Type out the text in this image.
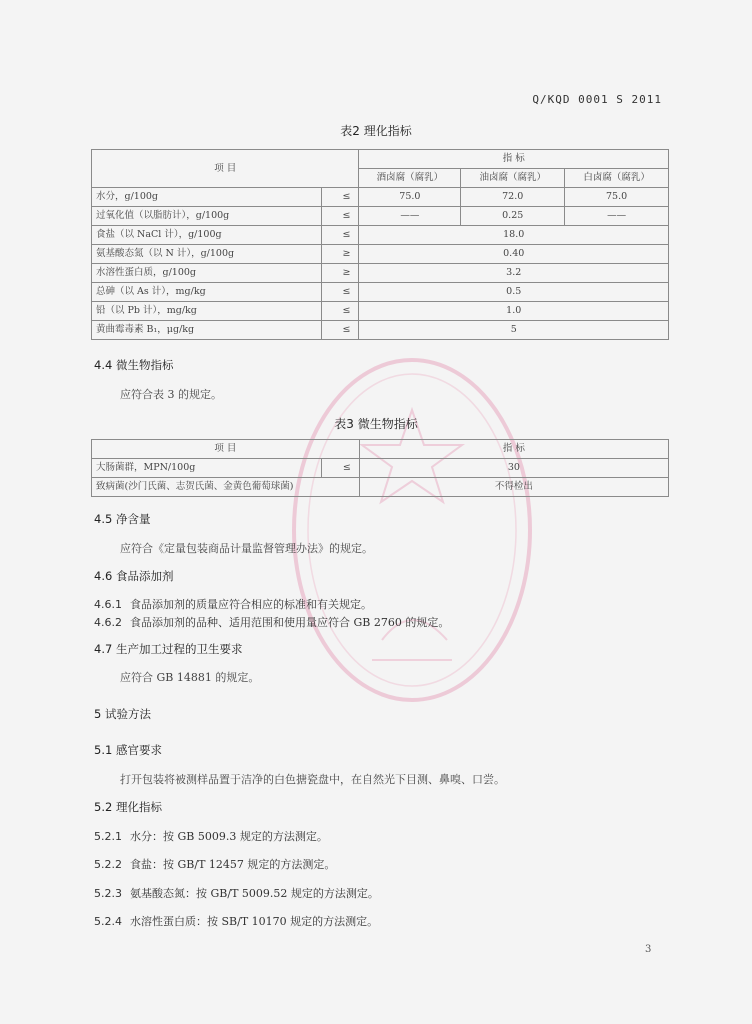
Q/KQD 0001 S 2011
表2 理化指标
项 目		指 标		
		酒卤腐（腐乳）	油卤腐（腐乳）	白卤腐（腐乳）
水分，g/100g	≤	75.0	72.0	75.0
过氧化值（以脂肪计），g/100g	≤	——	0.25	——
食盐（以 NaCl 计），g/100g	≤	18.0		
氨基酸态氮（以 N 计），g/100g	≥	0.40		
水溶性蛋白质，g/100g	≥	3.2		
总砷（以 As 计），mg/kg	≤	0.5		
铅（以 Pb 计），mg/kg	≤	1.0		
黄曲霉毒素 B₁，μg/kg	≤	5		
4.4 微生物指标
应符合表 3 的规定。
表3 微生物指标
项 目		指 标
大肠菌群，MPN/100g	≤	30
致病菌(沙门氏菌、志贺氏菌、金黄色葡萄球菌)		不得检出
4.5 净含量
应符合《定量包装商品计量监督管理办法》的规定。
4.6 食品添加剂
4.6.1 食品添加剂的质量应符合相应的标准和有关规定。
4.6.2 食品添加剂的品种、适用范围和使用量应符合 GB 2760 的规定。
4.7 生产加工过程的卫生要求
应符合 GB 14881 的规定。
5 试验方法
5.1 感官要求
打开包装将被测样品置于洁净的白色搪瓷盘中，在自然光下目测、鼻嗅、口尝。
5.2 理化指标
5.2.1 水分：按 GB 5009.3 规定的方法测定。
5.2.2 食盐：按 GB/T 12457 规定的方法测定。
5.2.3 氨基酸态氮：按 GB/T 5009.52 规定的方法测定。
5.2.4 水溶性蛋白质：按 SB/T 10170 规定的方法测定。
3
